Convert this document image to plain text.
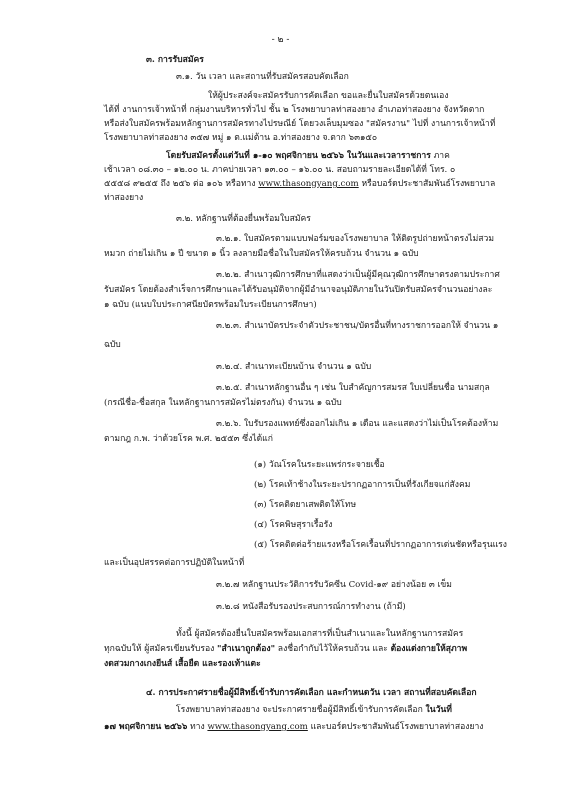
- ๒ -
๓. การรับสมัคร
๓.๑. วัน เวลา และสถานที่รับสมัครสอบคัดเลือก
ให้ผู้ประสงค์จะสมัครรับการคัดเลือก ขอและยื่นใบสมัครด้วยตนเอง
ได้ที่ งานการเจ้าหน้าที่ กลุ่มงานบริหารทั่วไป ชั้น ๒ โรงพยาบาลท่าสองยาง อำเภอท่าสองยาง จังหวัดตาก
หรือส่งใบสมัครพร้อมหลักฐานการสมัครทางไปรษณีย์ โดยวงเล็บมุมซอง "สมัครงาน" ไปที่ งานการเจ้าหน้าที่
โรงพยาบาลท่าสองยาง ๓๕๗ หมู่ ๑ ต.แม่ต้าน อ.ท่าสองยาง จ.ตาก ๖๓๑๕๐
โดยรับสมัครตั้งแต่วันที่ ๑-๑๐ พฤศจิกายน ๒๕๖๖ ในวันและเวลาราชการ ภาค
เช้าเวลา ๐๘.๓๐ – ๑๒.๐๐ น. ภาคบ่ายเวลา ๑๓.๐๐ – ๑๖.๐๐ น. สอบถามรายละเอียดได้ที่ โทร. ๐
๕๕๕๘ ๙๒๕๕ ถึง ๒๕๖ ต่อ ๑๐๖ หรือทาง www.thasongyang.com หรือบอร์ดประชาสัมพันธ์โรงพยาบาล
ท่าสองยาง
๓.๒. หลักฐานที่ต้องยื่นพร้อมใบสมัคร
๓.๒.๑. ใบสมัครตามแบบฟอร์มของโรงพยาบาล ให้ติดรูปถ่ายหน้าตรงไม่สวม
หมวก ถ่ายไม่เกิน ๑ ปี ขนาด ๑ นิ้ว ลงลายมือชื่อในใบสมัครให้ครบถ้วน จำนวน ๑ ฉบับ
๓.๒.๒. สำเนาวุฒิการศึกษาที่แสดงว่าเป็นผู้มีคุณวุฒิการศึกษาตรงตามประกาศ
รับสมัคร โดยต้องสำเร็จการศึกษาและได้รับอนุมัติจากผู้มีอำนาจอนุมัติภายในวันปิดรับสมัครจำนวนอย่างละ
๑ ฉบับ (แนบใบประกาศนียบัตรพร้อมใบระเบียนการศึกษา)
๓.๒.๓. สำเนาบัตรประจำตัวประชาชน/บัตรอื่นที่ทางราชการออกให้ จำนวน ๑
ฉบับ
๓.๒.๔. สำเนาทะเบียนบ้าน จำนวน ๑ ฉบับ
๓.๒.๕. สำเนาหลักฐานอื่น ๆ เช่น ใบสำคัญการสมรส ใบเปลี่ยนชื่อ นามสกุล
(กรณีชื่อ-ชื่อสกุล ในหลักฐานการสมัครไม่ตรงกัน) จำนวน ๑ ฉบับ
๓.๒.๖. ใบรับรองแพทย์ซึ่งออกไม่เกิน ๑ เดือน และแสดงว่าไม่เป็นโรคต้องห้าม
ตามกฎ ก.พ. ว่าด้วยโรค พ.ศ. ๒๕๕๓ ซึ่งได้แก่
(๑) วัณโรคในระยะแพร่กระจายเชื้อ
(๒) โรคเท้าช้างในระยะปรากฏอาการเป็นที่รังเกียจแก่สังคม
(๓) โรคติดยาเสพติดให้โทษ
(๔) โรคพิษสุราเรื้อรัง
(๕) โรคติดต่อร้ายแรงหรือโรคเรื้อนที่ปรากฏอาการเด่นชัดหรือรุนแรง
และเป็นอุปสรรคต่อการปฏิบัติในหน้าที่
๓.๒.๗ หลักฐานประวัติการรับวัคซีน Covid-๑๙ อย่างน้อย ๓ เข็ม
๓.๒.๘ หนังสือรับรองประสบการณ์การทำงาน (ถ้ามี)
ทั้งนี้ ผู้สมัครต้องยื่นใบสมัครพร้อมเอกสารที่เป็นสำเนาและในหลักฐานการสมัคร
ทุกฉบับให้ ผู้สมัครเขียนรับรอง "สำเนาถูกต้อง" ลงชื่อกำกับไว้ให้ครบถ้วน และ ต้องแต่งกายให้สุภาพ
งดสวมกางเกงยีนส์ เสื้อยืด และรองเท้าแตะ
๔. การประกาศรายชื่อผู้มีสิทธิ์เข้ารับการคัดเลือก และกำหนดวัน เวลา สถานที่สอบคัดเลือก
โรงพยาบาลท่าสองยาง จะประกาศรายชื่อผู้มีสิทธิ์เข้ารับการคัดเลือก ในวันที่
๑๗ พฤศจิกายน ๒๕๖๖ ทาง www.thasongyang.com และบอร์ดประชาสัมพันธ์โรงพยาบาลท่าสองยาง
